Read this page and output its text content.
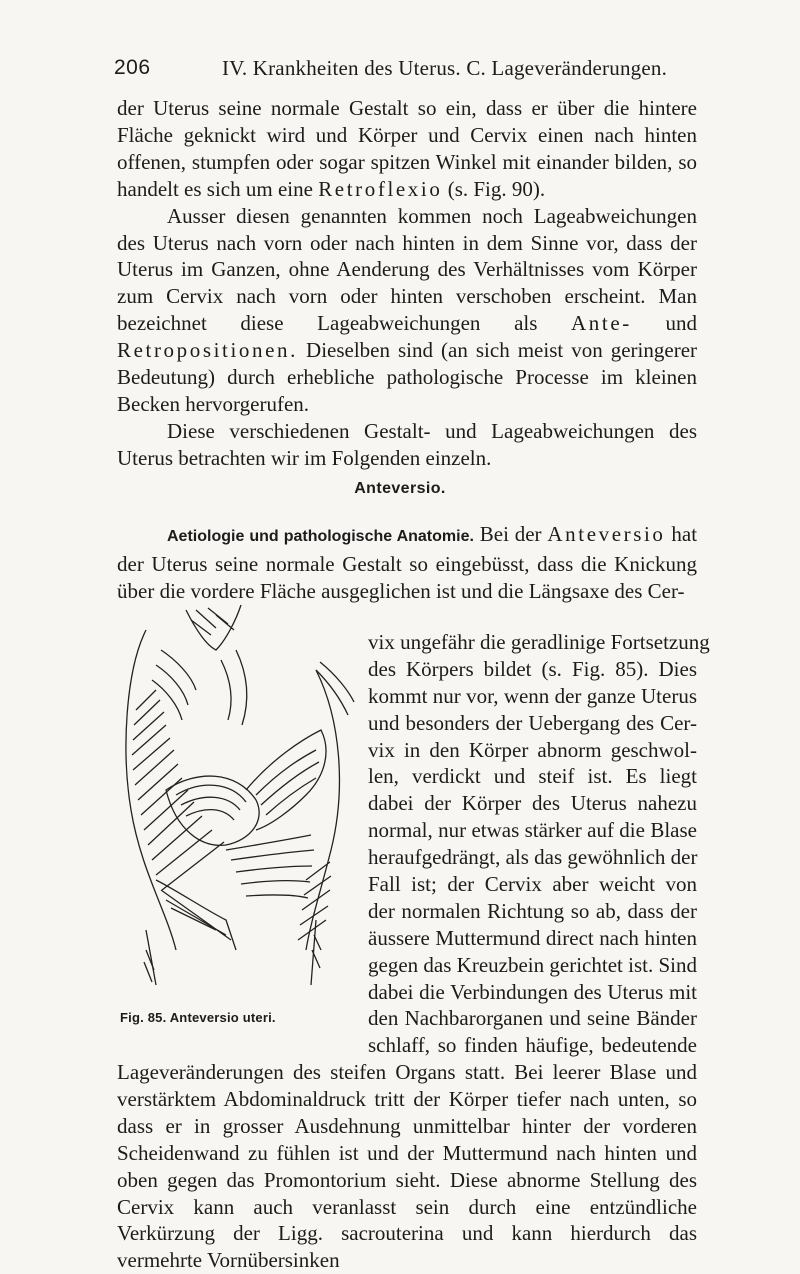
206	IV. Krankheiten des Uterus. C. Lageveränderungen.

der Uterus seine normale Gestalt so ein, dass er über die hintere Fläche geknickt wird und Körper und Cervix einen nach hinten offenen, stumpfen oder sogar spitzen Winkel mit einander bilden, so handelt es sich um eine Retroflexio (s. Fig. 90).

Ausser diesen genannten kommen noch Lageabweichungen des Uterus nach vorn oder nach hinten in dem Sinne vor, dass der Uterus im Ganzen, ohne Aenderung des Verhältnisses vom Körper zum Cervix nach vorn oder hinten verschoben erscheint. Man bezeichnet diese Lageabweichungen als Ante- und Retropositionen. Dieselben sind (an sich meist von geringerer Bedeutung) durch erhebliche pathologische Processe im kleinen Becken hervorgerufen.

Diese verschiedenen Gestalt- und Lageabweichungen des Uterus betrachten wir im Folgenden einzeln.

Anteversio.

Aetiologie und pathologische Anatomie. Bei der Anteversio hat der Uterus seine normale Gestalt so eingebüsst, dass die Knickung über die vordere Fläche ausgeglichen ist und die Längsaxe des Cer-

Fig. 85. Anteversio uteri.
vix ungefähr die geradlinige Fortsetzung
des Körpers bildet (s. Fig. 85). Dies
kommt nur vor, wenn der ganze Uterus
und besonders der Uebergang des Cer-
vix in den Körper abnorm geschwol-
len, verdickt und steif ist. Es liegt
dabei der Körper des Uterus nahezu
normal, nur etwas stärker auf die Blase
heraufgedrängt, als das gewöhnlich der
Fall ist; der Cervix aber weicht von
der normalen Richtung so ab, dass der
äussere Muttermund direct nach hinten
gegen das Kreuzbein gerichtet ist. Sind
dabei die Verbindungen des Uterus mit
den Nachbarorganen und seine Bänder
schlaff, so finden häufige, bedeutende

Lageveränderungen des steifen Organs statt. Bei leerer Blase und verstärktem Abdominaldruck tritt der Körper tiefer nach unten, so dass er in grosser Ausdehnung unmittelbar hinter der vorderen Scheidenwand zu fühlen ist und der Muttermund nach hinten und oben gegen das Promontorium sieht. Diese abnorme Stellung des Cervix kann auch veranlasst sein durch eine entzündliche Verkürzung der Ligg. sacrouterina und kann hierdurch das vermehrte Vornübersinken
